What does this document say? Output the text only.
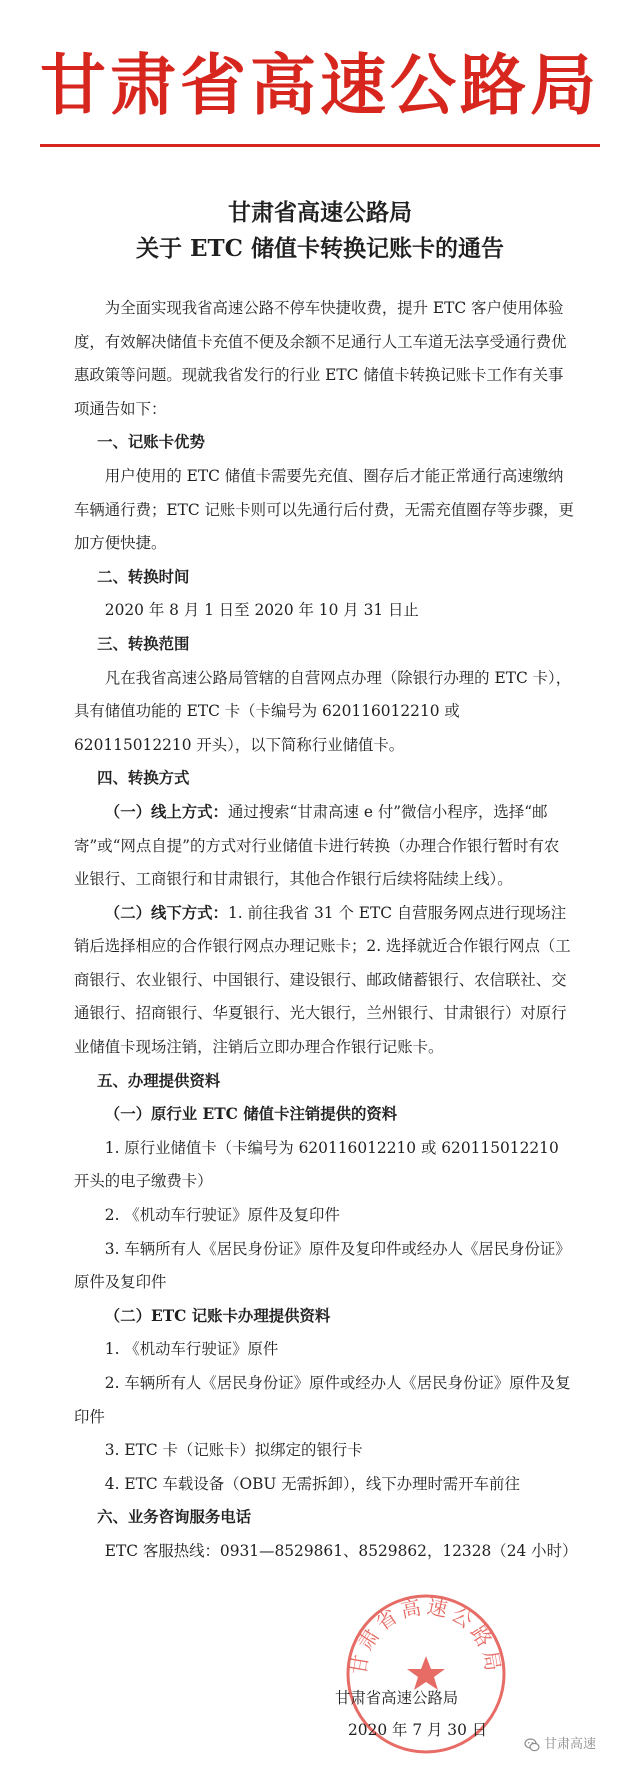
甘肃省高速公路局
甘肃省高速公路局
关于 ETC 储值卡转换记账卡的通告

为全面实现我省高速公路不停车快捷收费，提升 ETC 客户使用体验度，有效解决储值卡充值不便及余额不足通行人工车道无法享受通行费优惠政策等问题。现就我省发行的行业 ETC 储值卡转换记账卡工作有关事项通告如下：

一、记账卡优势

用户使用的 ETC 储值卡需要先充值、圈存后才能正常通行高速缴纳车辆通行费；ETC 记账卡则可以先通行后付费，无需充值圈存等步骤，更加方便快捷。

二、转换时间

2020 年 8 月 1 日至 2020 年 10 月 31 日止

三、转换范围

凡在我省高速公路局管辖的自营网点办理（除银行办理的 ETC 卡），具有储值功能的 ETC 卡（卡编号为 620116012210 或 620115012210 开头），以下简称行业储值卡。

四、转换方式

（一）线上方式：通过搜索“甘肃高速 e 付”微信小程序，选择“邮寄”或“网点自提”的方式对行业储值卡进行转换（办理合作银行暂时有农业银行、工商银行和甘肃银行，其他合作银行后续将陆续上线）。

（二）线下方式：1. 前往我省 31 个 ETC 自营服务网点进行现场注销后选择相应的合作银行网点办理记账卡；2. 选择就近合作银行网点（工商银行、农业银行、中国银行、建设银行、邮政储蓄银行、农信联社、交通银行、招商银行、华夏银行、光大银行，兰州银行、甘肃银行）对原行业储值卡现场注销，注销后立即办理合作银行记账卡。

五、办理提供资料

（一）原行业 ETC 储值卡注销提供的资料

1. 原行业储值卡（卡编号为 620116012210 或 620115012210 开头的电子缴费卡）

2. 《机动车行驶证》原件及复印件

3. 车辆所有人《居民身份证》原件及复印件或经办人《居民身份证》原件及复印件

（二）ETC 记账卡办理提供资料

1. 《机动车行驶证》原件

2. 车辆所有人《居民身份证》原件或经办人《居民身份证》原件及复印件

3. ETC 卡（记账卡）拟绑定的银行卡

4. ETC 车载设备（OBU 无需拆卸），线下办理时需开车前往

六、业务咨询服务电话

ETC 客服热线：0931—8529861、8529862，12328（24 小时）

甘肃省高速公路局
甘肃省高速公路局
2020 年 7 月 30 日
甘肃高速
